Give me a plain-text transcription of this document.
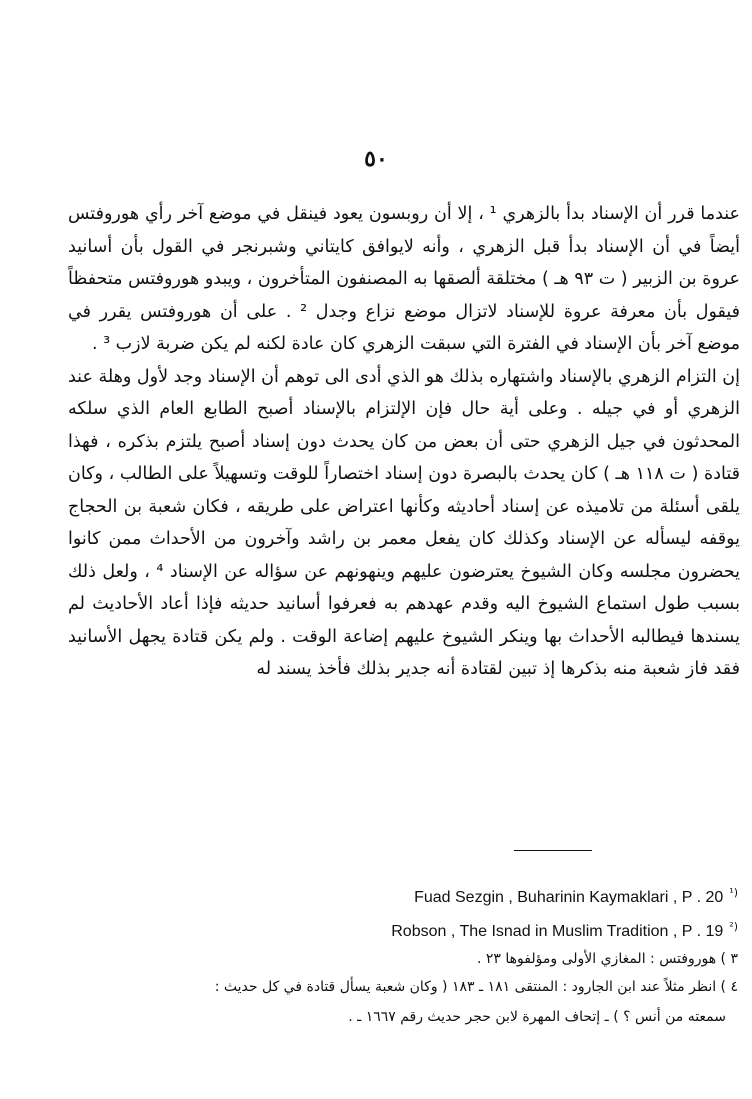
٥٠

عندما قرر أن الإسناد بدأ بالزهري ¹ ، إلا أن روبسون يعود فينقل في موضع آخر رأي هوروفتس أيضاً في أن الإسناد بدأ قبل الزهري ، وأنه لايوافق كايتاني وشبرنجر في القول بأن أسانيد عروة بن الزبير ( ت ٩٣ هـ ) مختلقة ألصقها به المصنفون المتأخرون ، ويبدو هوروفتس متحفظاً فيقول بأن معرفة عروة للإسناد لاتزال موضع نزاع وجدل ² . على أن هوروفتس يقرر في موضع آخر بأن الإسناد في الفترة التي سبقت الزهري كان عادة لكنه لم يكن ضربة لازب ³ .

إن التزام الزهري بالإسناد واشتهاره بذلك هو الذي أدى الى توهم أن الإسناد وجد لأول وهلة عند الزهري أو في جيله . وعلى أية حال فإن الإلتزام بالإسناد أصبح الطابع العام الذي سلكه المحدثون في جيل الزهري حتى أن بعض من كان يحدث دون إسناد أصبح يلتزم بذكره ، فهذا قتادة ( ت ١١٨ هـ ) كان يحدث بالبصرة دون إسناد اختصاراً للوقت وتسهيلاً على الطالب ، وكان يلقى أسئلة من تلاميذه عن إسناد أحاديثه وكأنها اعتراض على طريقه ، فكان شعبة بن الحجاج يوقفه ليسأله عن الإسناد وكذلك كان يفعل معمر بن راشد وآخرون من الأحداث ممن كانوا يحضرون مجلسه وكان الشيوخ يعترضون عليهم وينهونهم عن سؤاله عن الإسناد ⁴ ، ولعل ذلك بسبب طول استماع الشيوخ اليه وقدم عهدهم به فعرفوا أسانيد حديثه فإذا أعاد الأحاديث لم يسندها فيطالبه الأحداث بها وينكر الشيوخ عليهم إضاعة الوقت . ولم يكن قتادة يجهل الأسانيد فقد فاز شعبة منه بذكرها إذ تبين لقتادة أنه جدير بذلك فأخذ يسند له

(¹Fuad Sezgin , Buharinin Kaymaklari , P . 20
(²Robson , The Isnad in Muslim Tradition , P . 19
٣ ) هوروفتس : المغازي الأولى ومؤلفوها ٢٣ .
٤ ) انظر مثلاً عند ابن الجارود : المنتقى ١٨١ ـ ١٨٣ ( وكان شعبة يسأل قتادة في كل حديث :
سمعته من أنس ؟ ) ـ إتحاف المهرة لابن حجر حديث رقم ١٦٦٧ ـ .
